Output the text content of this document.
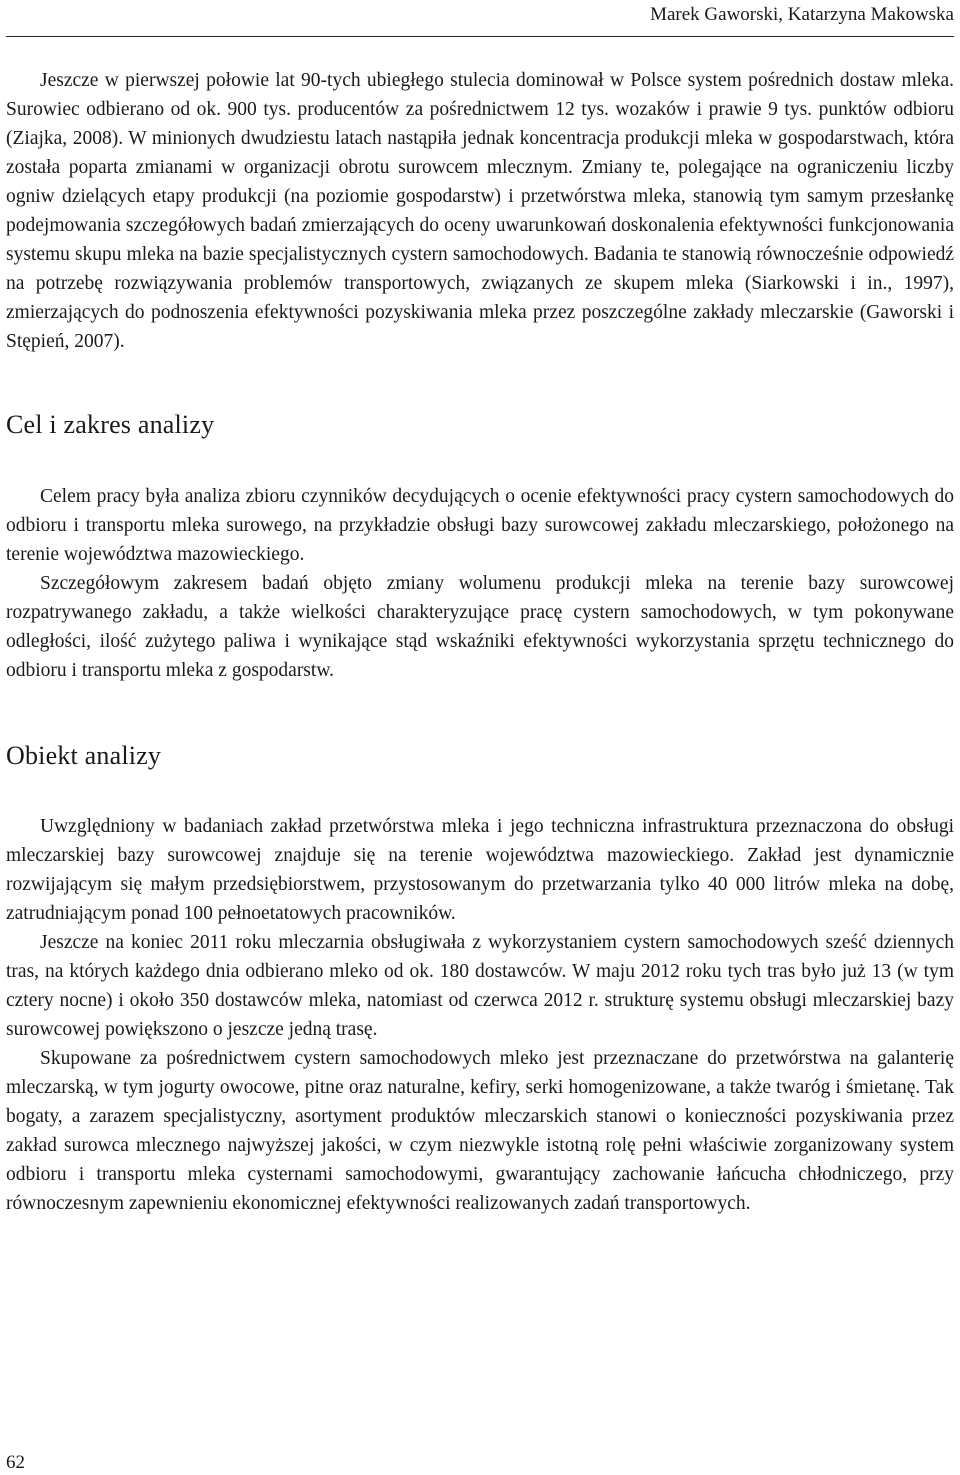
Marek Gaworski, Katarzyna Makowska

Jeszcze w pierwszej połowie lat 90-tych ubiegłego stulecia dominował w Polsce system pośrednich dostaw mleka. Surowiec odbierano od ok. 900 tys. producentów za pośrednictwem 12 tys. wozaków i prawie 9 tys. punktów odbioru (Ziajka, 2008). W minionych dwudziestu latach nastąpiła jednak koncentracja produkcji mleka w gospodarstwach, która została poparta zmianami w organizacji obrotu surowcem mlecznym. Zmiany te, polegające na ograniczeniu liczby ogniw dzielących etapy produkcji (na poziomie gospodarstw) i przetwórstwa mleka, stanowią tym samym przesłankę podejmowania szczegółowych badań zmierzających do oceny uwarunkowań doskonalenia efektywności funkcjonowania systemu skupu mleka na bazie specjalistycznych cystern samochodowych. Badania te stanowią równocześnie odpowiedź na potrzebę rozwiązywania problemów transportowych, związanych ze skupem mleka (Siarkowski i in., 1997), zmierzających do podnoszenia efektywności pozyskiwania mleka przez poszczególne zakłady mleczarskie (Gaworski i Stępień, 2007).

Cel i zakres analizy

Celem pracy była analiza zbioru czynników decydujących o ocenie efektywności pracy cystern samochodowych do odbioru i transportu mleka surowego, na przykładzie obsługi bazy surowcowej zakładu mleczarskiego, położonego na terenie województwa mazowieckiego.

Szczegółowym zakresem badań objęto zmiany wolumenu produkcji mleka na terenie bazy surowcowej rozpatrywanego zakładu, a także wielkości charakteryzujące pracę cystern samochodowych, w tym pokonywane odległości, ilość zużytego paliwa i wynikające stąd wskaźniki efektywności wykorzystania sprzętu technicznego do odbioru i transportu mleka z gospodarstw.

Obiekt analizy

Uwzględniony w badaniach zakład przetwórstwa mleka i jego techniczna infrastruktura przeznaczona do obsługi mleczarskiej bazy surowcowej znajduje się na terenie województwa mazowieckiego. Zakład jest dynamicznie rozwijającym się małym przedsiębiorstwem, przystosowanym do przetwarzania tylko 40 000 litrów mleka na dobę, zatrudniającym ponad 100 pełnoetatowych pracowników.

Jeszcze na koniec 2011 roku mleczarnia obsługiwała z wykorzystaniem cystern samochodowych sześć dziennych tras, na których każdego dnia odbierano mleko od ok. 180 dostawców. W maju 2012 roku tych tras było już 13 (w tym cztery nocne) i około 350 dostawców mleka, natomiast od czerwca 2012 r. strukturę systemu obsługi mleczarskiej bazy surowcowej powiększono o jeszcze jedną trasę.

Skupowane za pośrednictwem cystern samochodowych mleko jest przeznaczane do przetwórstwa na galanterię mleczarską, w tym jogurty owocowe, pitne oraz naturalne, kefiry, serki homogenizowane, a także twaróg i śmietanę. Tak bogaty, a zarazem specjalistyczny, asortyment produktów mleczarskich stanowi o konieczności pozyskiwania przez zakład surowca mlecznego najwyższej jakości, w czym niezwykle istotną rolę pełni właściwie zorganizowany system odbioru i transportu mleka cysternami samochodowymi, gwarantujący zachowanie łańcucha chłodniczego, przy równoczesnym zapewnieniu ekonomicznej efektywności realizowanych zadań transportowych.

62
